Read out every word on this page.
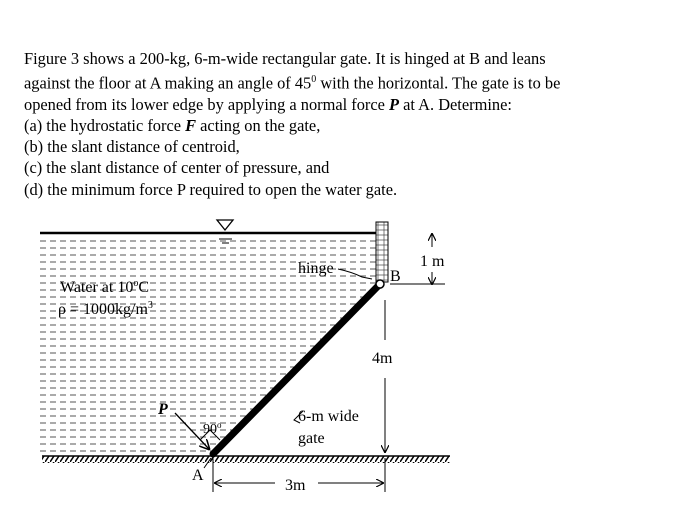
Figure 3 shows a 200-kg, 6-m-wide rectangular gate. It is hinged at B and leans

against the floor at A making an angle of $45^0$ with the horizontal. The gate is to be

opened from its lower edge by applying a normal force P at A. Determine:

(a) the hydrostatic force F acting on the gate,

(b) the slant distance of centroid,

(c) the slant distance of center of pressure, and

(d) the minimum force P required to open the water gate.

Water at 10$^o$C
$\rho = 1000kg/m^3$
hinge	B
A
P
90$^o$
1 m
4m
3m
6-m wide
gate
